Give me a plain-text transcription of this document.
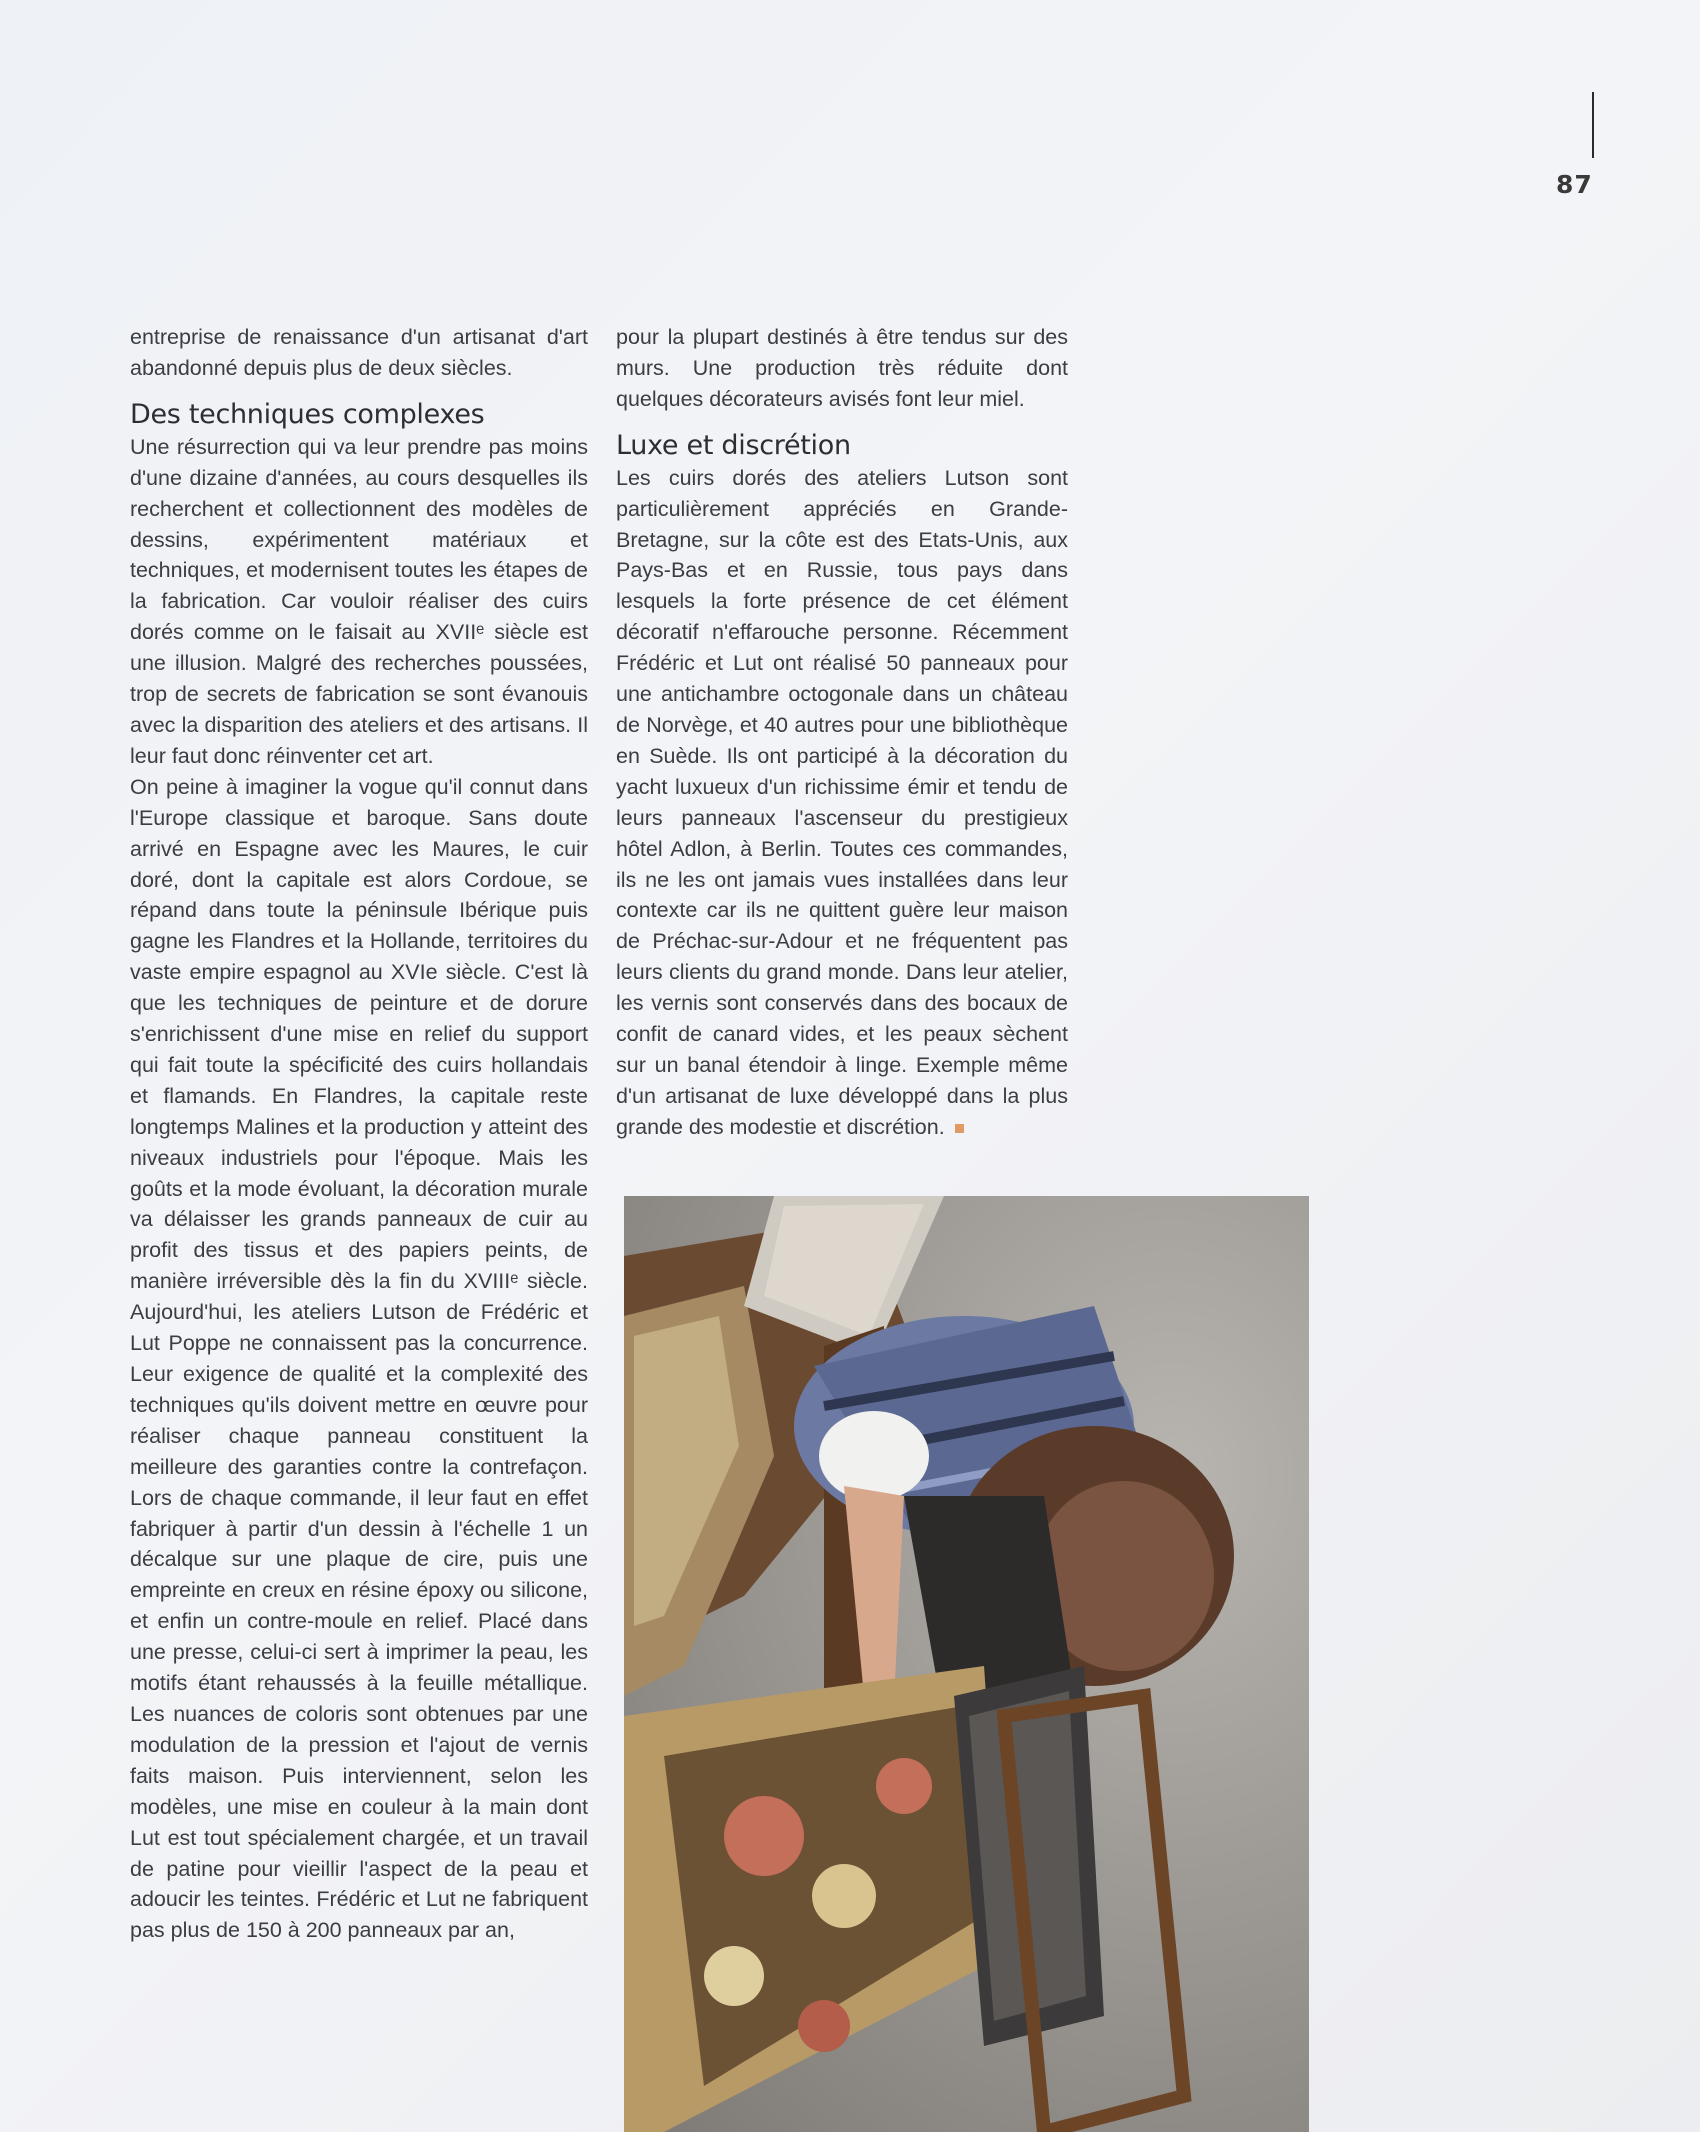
87

entreprise de renaissance d'un artisanat d'art abandonné depuis plus de deux siècles.

Des techniques complexes

Une résurrection qui va leur prendre pas moins d'une dizaine d'années, au cours desquelles ils recherchent et collectionnent des modèles de dessins, expérimentent matériaux et techniques, et modernisent toutes les étapes de la fabrication. Car vouloir réaliser des cuirs dorés comme on le faisait au XVIIᵉ siècle est une illusion. Malgré des recherches poussées, trop de secrets de fabrication se sont évanouis avec la disparition des ateliers et des artisans. Il leur faut donc réinventer cet art.

On peine à imaginer la vogue qu'il connut dans l'Europe classique et baroque. Sans doute arrivé en Espagne avec les Maures, le cuir doré, dont la capitale est alors Cordoue, se répand dans toute la péninsule Ibérique puis gagne les Flandres et la Hollande, territoires du vaste empire espagnol au XVIe siècle. C'est là que les techniques de peinture et de dorure s'enrichissent d'une mise en relief du support qui fait toute la spécificité des cuirs hollandais et flamands. En Flandres, la capitale reste longtemps Malines et la production y atteint des niveaux industriels pour l'époque. Mais les goûts et la mode évoluant, la décoration murale va délaisser les grands panneaux de cuir au profit des tissus et des papiers peints, de manière irréversible dès la fin du XVIIIᵉ siècle. Aujourd'hui, les ateliers Lutson de Frédéric et Lut Poppe ne connaissent pas la concurrence. Leur exigence de qualité et la complexité des techniques qu'ils doivent mettre en œuvre pour réaliser chaque panneau constituent la meilleure des garanties contre la contrefaçon. Lors de chaque commande, il leur faut en effet fabriquer à partir d'un dessin à l'échelle 1 un décalque sur une plaque de cire, puis une empreinte en creux en résine époxy ou silicone, et enfin un contre-moule en relief. Placé dans une presse, celui-ci sert à imprimer la peau, les motifs étant rehaussés à la feuille métallique. Les nuances de coloris sont obtenues par une modulation de la pression et l'ajout de vernis faits maison. Puis interviennent, selon les modèles, une mise en couleur à la main dont Lut est tout spécialement chargée, et un travail de patine pour vieillir l'aspect de la peau et adoucir les teintes. Frédéric et Lut ne fabriquent pas plus de 150 à 200 panneaux par an,

pour la plupart destinés à être tendus sur des murs. Une production très réduite dont quelques décorateurs avisés font leur miel.

Luxe et discrétion

Les cuirs dorés des ateliers Lutson sont particulièrement appréciés en Grande-Bretagne, sur la côte est des Etats-Unis, aux Pays-Bas et en Russie, tous pays dans lesquels la forte présence de cet élément décoratif n'effarouche personne. Récemment Frédéric et Lut ont réalisé 50 panneaux pour une antichambre octogonale dans un château de Norvège, et 40 autres pour une bibliothèque en Suède. Ils ont participé à la décoration du yacht luxueux d'un richissime émir et tendu de leurs panneaux l'ascenseur du prestigieux hôtel Adlon, à Berlin. Toutes ces commandes, ils ne les ont jamais vues installées dans leur contexte car ils ne quittent guère leur maison de Préchac-sur-Adour et ne fréquentent pas leurs clients du grand monde. Dans leur atelier, les vernis sont conservés dans des bocaux de confit de canard vides, et les peaux sèchent sur un banal étendoir à linge. Exemple même d'un artisanat de luxe développé dans la plus grande des modestie et discrétion.
